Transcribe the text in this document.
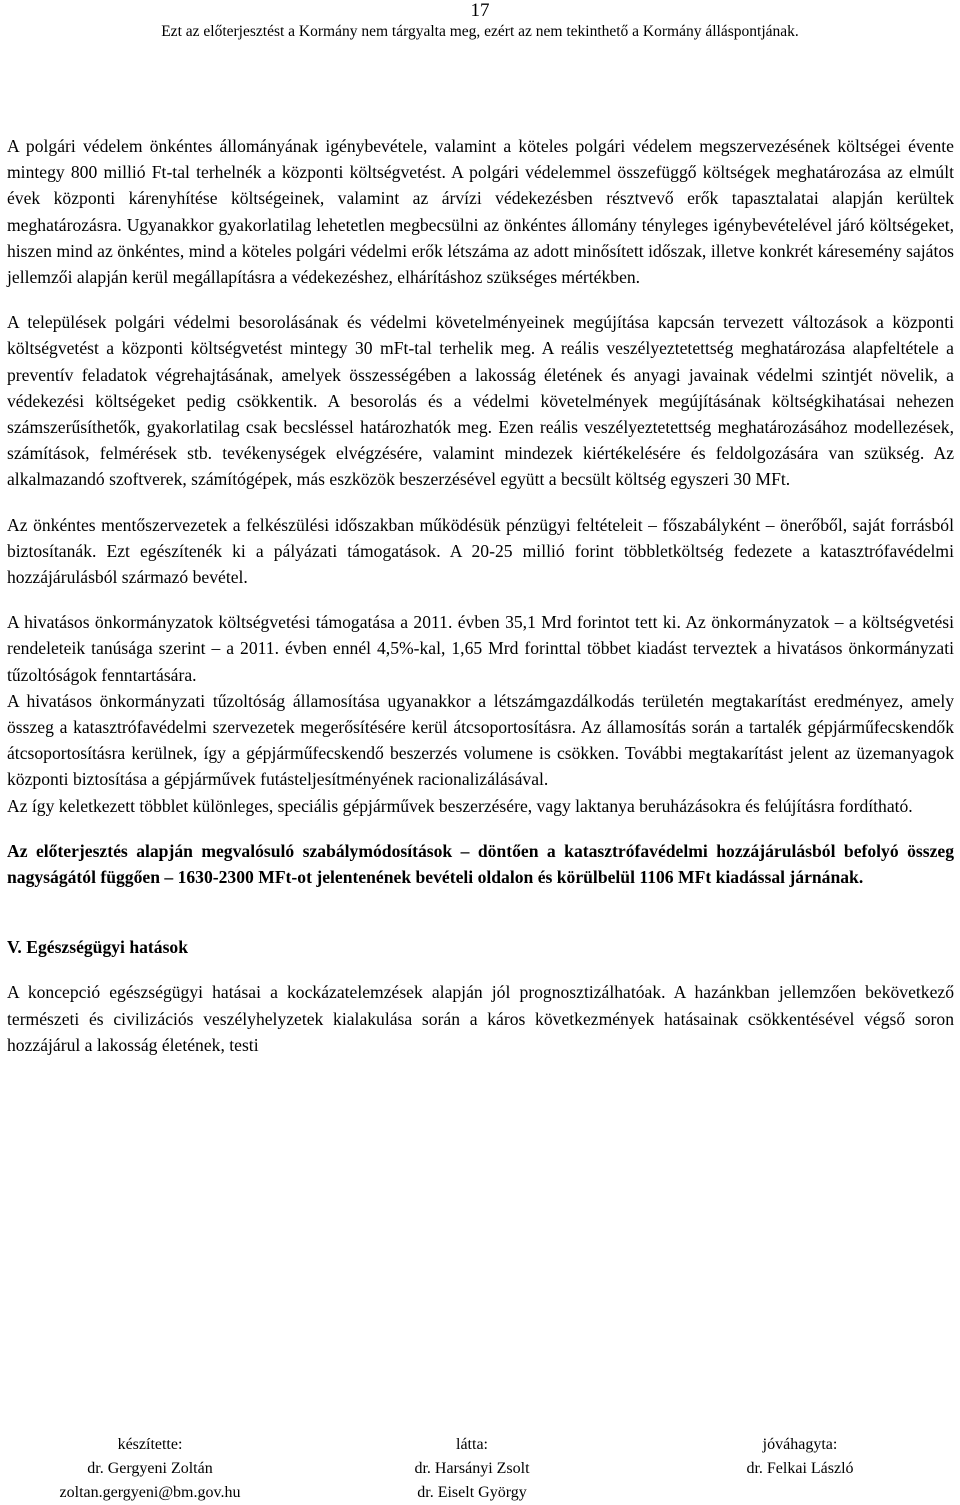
17
Ezt az előterjesztést a Kormány nem tárgyalta meg, ezért az nem tekinthető a Kormány álláspontjának.

A polgári védelem önkéntes állományának igénybevétele, valamint a köteles polgári védelem megszervezésének költségei évente mintegy 800 millió Ft-tal terhelnék a központi költségvetést. A polgári védelemmel összefüggő költségek meghatározása az elmúlt évek központi kárenyhítése költségeinek, valamint az árvízi védekezésben résztvevő erők tapasztalatai alapján kerültek meghatározásra. Ugyanakkor gyakorlatilag lehetetlen megbecsülni az önkéntes állomány tényleges igénybevételével járó költségeket, hiszen mind az önkéntes, mind a köteles polgári védelmi erők létszáma az adott minősített időszak, illetve konkrét káresemény sajátos jellemzői alapján kerül megállapításra a védekezéshez, elhárításhoz szükséges mértékben.

A települések polgári védelmi besorolásának és védelmi követelményeinek megújítása kapcsán tervezett változások a központi költségvetést a központi költségvetést mintegy 30 mFt-tal terhelik meg. A reális veszélyeztetettség meghatározása alapfeltétele a preventív feladatok végrehajtásának, amelyek összességében a lakosság életének és anyagi javainak védelmi szintjét növelik, a védekezési költségeket pedig csökkentik. A besorolás és a védelmi követelmények megújításának költségkihatásai nehezen számszerűsíthetők, gyakorlatilag csak becsléssel határozhatók meg. Ezen reális veszélyeztetettség meghatározásához modellezések, számítások, felmérések stb. tevékenységek elvégzésére, valamint mindezek kiértékelésére és feldolgozására van szükség. Az alkalmazandó szoftverek, számítógépek, más eszközök beszerzésével együtt a becsült költség egyszeri 30 MFt.

Az önkéntes mentőszervezetek a felkészülési időszakban működésük pénzügyi feltételeit – főszabályként – önerőből, saját forrásból biztosítanák. Ezt egészítenék ki a pályázati támogatások. A 20-25 millió forint többletköltség fedezete a katasztrófavédelmi hozzájárulásból származó bevétel.

A hivatásos önkormányzatok költségvetési támogatása a 2011. évben 35,1 Mrd forintot tett ki. Az önkormányzatok – a költségvetési rendeleteik tanúsága szerint – a 2011. évben ennél 4,5%-kal, 1,65 Mrd forinttal többet kiadást terveztek a hivatásos önkormányzati tűzoltóságok fenntartására.

A hivatásos önkormányzati tűzoltóság államosítása ugyanakkor a létszámgazdálkodás területén megtakarítást eredményez, amely összeg a katasztrófavédelmi szervezetek megerősítésére kerül átcsoportosításra. Az államosítás során a tartalék gépjárműfecskendők átcsoportosításra kerülnek, így a gépjárműfecskendő beszerzés volumene is csökken. További megtakarítást jelent az üzemanyagok központi biztosítása a gépjárművek futásteljesítményének racionalizálásával.

Az így keletkezett többlet különleges, speciális gépjárművek beszerzésére, vagy laktanya beruházásokra és felújításra fordítható.

Az előterjesztés alapján megvalósuló szabálymódosítások – döntően a katasztrófavédelmi hozzájárulásból befolyó összeg nagyságától függően – 1630-2300 MFt-ot jelentenének bevételi oldalon és körülbelül 1106 MFt kiadással járnának.

V. Egészségügyi hatások

A koncepció egészségügyi hatásai a kockázatelemzések alapján jól prognosztizálhatóak. A hazánkban jellemzően bekövetkező természeti és civilizációs veszélyhelyzetek kialakulása során a káros következmények hatásainak csökkentésével végső soron hozzájárul a lakosság életének, testi

készítette:
dr. Gergyeni Zoltán
zoltan.gergyeni@bm.gov.hu
látta:
dr. Harsányi Zsolt
dr. Eiselt György
jóváhagyta:
dr. Felkai László
